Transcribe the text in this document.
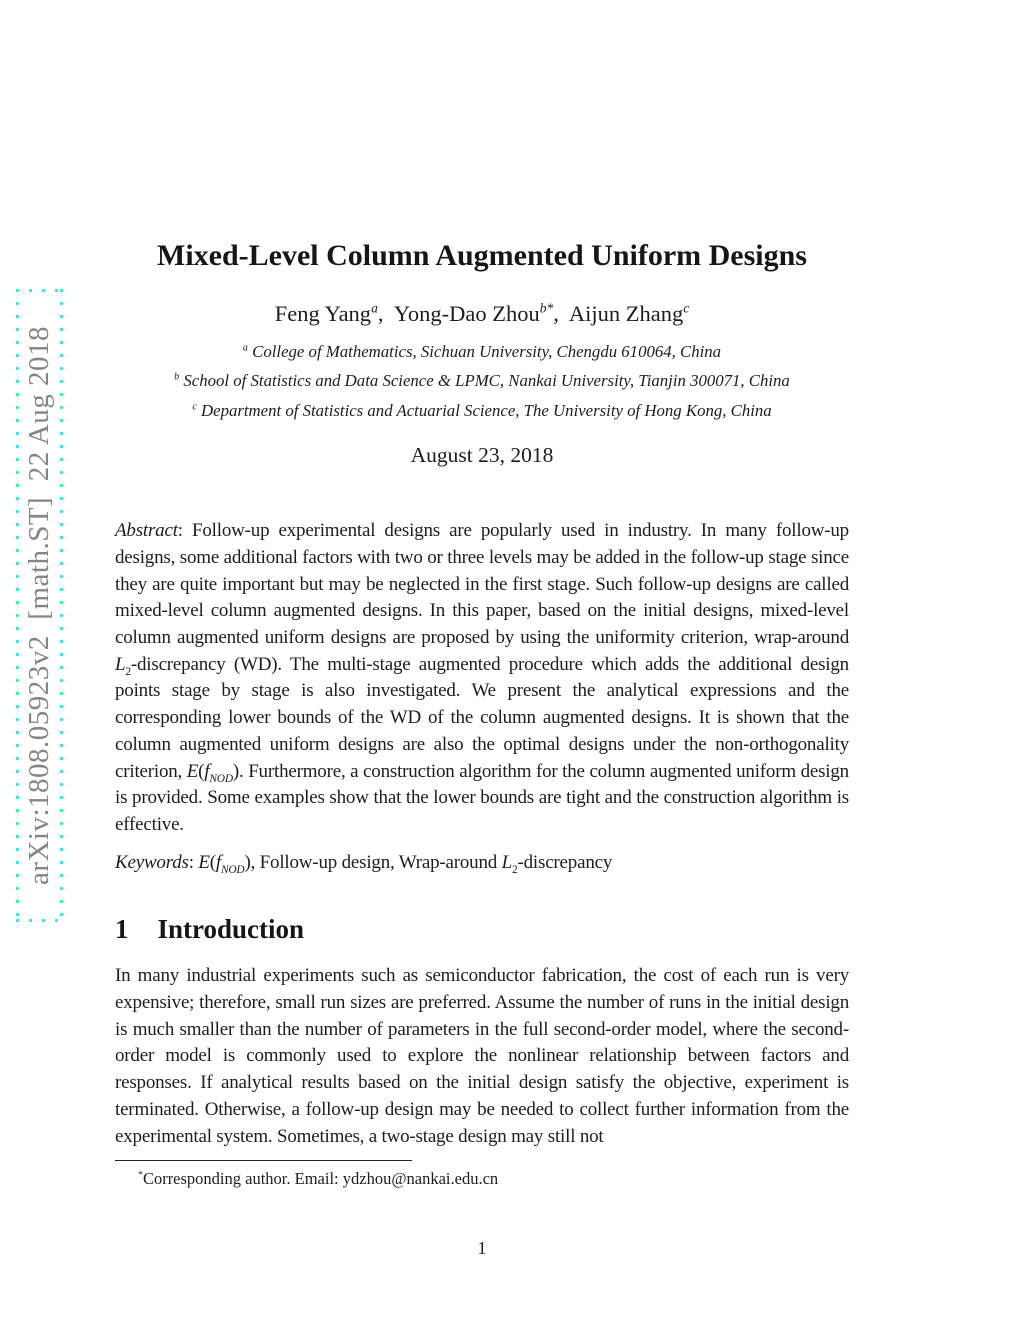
arXiv:1808.05923v2  [math.ST]  22 Aug 2018
Mixed-Level Column Augmented Uniform Designs

Feng Yang$^a$,  Yong-Dao Zhou$^{b*}$,  Aijun Zhang$^c$

$^a$ College of Mathematics, Sichuan University, Chengdu 610064, China

$^b$ School of Statistics and Data Science & LPMC, Nankai University, Tianjin 300071, China

$^c$ Department of Statistics and Actuarial Science, The University of Hong Kong, China

August 23, 2018

Abstract: Follow-up experimental designs are popularly used in industry. In many follow-up designs, some additional factors with two or three levels may be added in the follow-up stage since they are quite important but may be neglected in the first stage. Such follow-up designs are called mixed-level column augmented designs. In this paper, based on the initial designs, mixed-level column augmented uniform designs are proposed by using the uniformity criterion, wrap-around $L_2$-discrepancy (WD). The multi-stage augmented procedure which adds the additional design points stage by stage is also investigated. We present the analytical expressions and the corresponding lower bounds of the WD of the column augmented designs. It is shown that the column augmented uniform designs are also the optimal designs under the non-orthogonality criterion, $E(f_{NOD})$. Furthermore, a construction algorithm for the column augmented uniform design is provided. Some examples show that the lower bounds are tight and the construction algorithm is effective.

Keywords: $E(f_{NOD})$, Follow-up design, Wrap-around $L_2$-discrepancy

1 Introduction

In many industrial experiments such as semiconductor fabrication, the cost of each run is very expensive; therefore, small run sizes are preferred. Assume the number of runs in the initial design is much smaller than the number of parameters in the full second-order model, where the second-order model is commonly used to explore the nonlinear relationship between factors and responses. If analytical results based on the initial design satisfy the objective, experiment is terminated. Otherwise, a follow-up design may be needed to collect further information from the experimental system. Sometimes, a two-stage design may still not

*Corresponding author. Email: ydzhou@nankai.edu.cn

1
